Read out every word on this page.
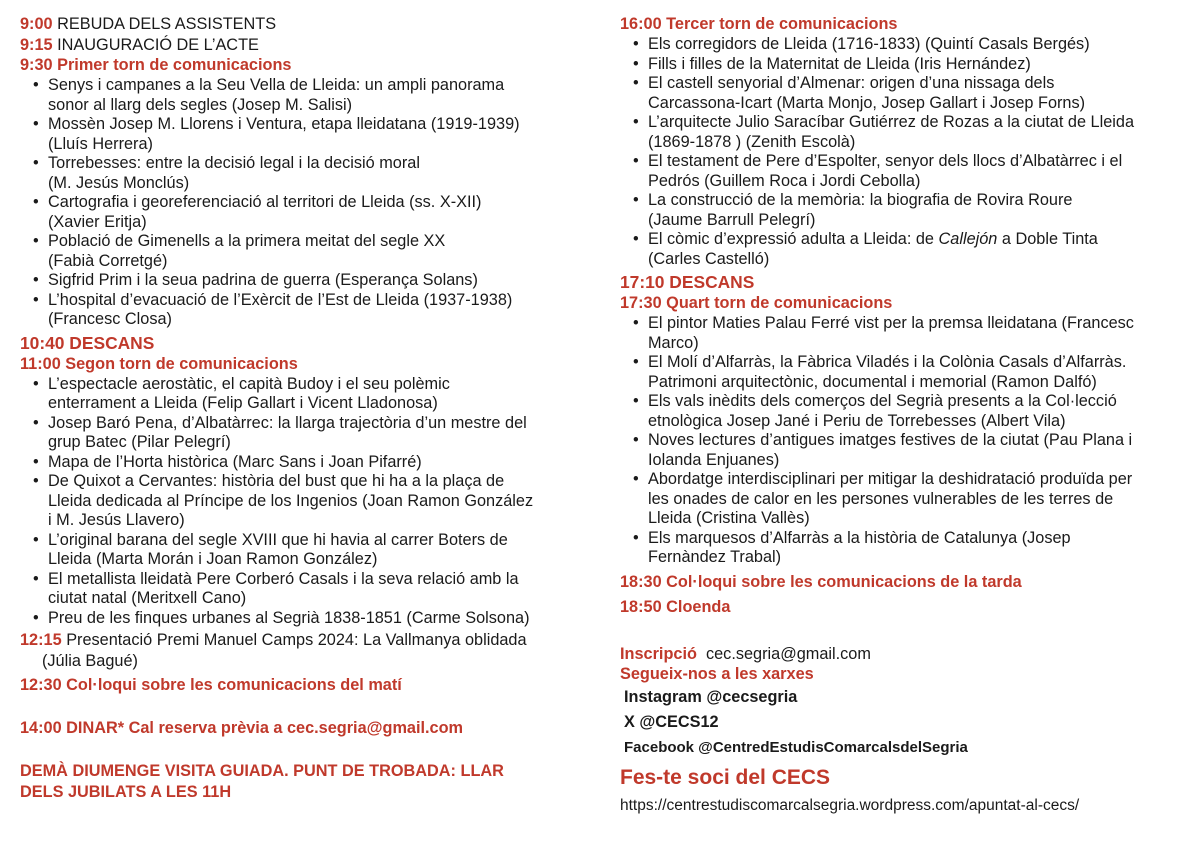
9:00 REBUDA DELS ASSISTENTS

9:15 INAUGURACIÓ DE L’ACTE

9:30 Primer torn de comunicacions

• Senys i campanes a la Seu Vella de Lleida: un ampli panorama
sonor al llarg dels segles (Josep M. Salisi)
• Mossèn Josep M. Llorens i Ventura, etapa lleidatana (1919-1939)
(Lluís Herrera)
• Torrebesses: entre la decisió legal i la decisió moral
(M. Jesús Monclús)
• Cartografia i georeferenciació al territori de Lleida (ss. X-XII)
(Xavier Eritja)
• Població de Gimenells a la primera meitat del segle XX
(Fabià Corretgé)
• Sigfrid Prim i la seua padrina de guerra (Esperança Solans)
• L’hospital d’evacuació de l’Exèrcit de l’Est de Lleida (1937-1938)
(Francesc Closa)

10:40 DESCANS

11:00 Segon torn de comunicacions

• L’espectacle aerostàtic, el capità Budoy i el seu polèmic
enterrament a Lleida (Felip Gallart i Vicent Lladonosa)
• Josep Baró Pena, d’Albatàrrec: la llarga trajectòria d’un mestre del
grup Batec (Pilar Pelegrí)
• Mapa de l’Horta històrica (Marc Sans i Joan Pifarré)
• De Quixot a Cervantes: història del bust que hi ha a la plaça de
Lleida dedicada al Príncipe de los Ingenios (Joan Ramon González
i M. Jesús Llavero)
• L’original barana del segle XVIII que hi havia al carrer Boters de
Lleida (Marta Morán i Joan Ramon González)
• El metallista lleidatà Pere Corberó Casals i la seva relació amb la
ciutat natal (Meritxell Cano)
• Preu de les finques urbanes al Segrià 1838-1851 (Carme Solsona)

12:15 Presentació Premi Manuel Camps 2024: La Vallmanya oblidada

(Júlia Bagué)

12:30 Col·loqui sobre les comunicacions del matí

14:00 DINAR* Cal reserva prèvia a cec.segria@gmail.com

DEMÀ DIUMENGE VISITA GUIADA. PUNT DE TROBADA: LLAR

DELS JUBILATS A LES 11H

16:00 Tercer torn de comunicacions

• Els corregidors de Lleida (1716-1833) (Quintí Casals Bergés)
• Fills i filles de la Maternitat de Lleida (Iris Hernández)
• El castell senyorial d’Almenar: origen d’una nissaga dels
Carcassona-Icart (Marta Monjo, Josep Gallart i Josep Forns)
• L’arquitecte Julio Saracíbar Gutiérrez de Rozas a la ciutat de Lleida
(1869-1878 ) (Zenith Escolà)
• El testament de Pere d’Espolter, senyor dels llocs d’Albatàrrec i el
Pedrós (Guillem Roca i Jordi Cebolla)
• La construcció de la memòria: la biografia de Rovira Roure
(Jaume Barrull Pelegrí)
• El còmic d’expressió adulta a Lleida: de Callejón a Doble Tinta
(Carles Castelló)

17:10 DESCANS

17:30 Quart torn de comunicacions

• El pintor Maties Palau Ferré vist per la premsa lleidatana (Francesc
Marco)
• El Molí d’Alfarràs, la Fàbrica Viladés i la Colònia Casals d’Alfarràs.
Patrimoni arquitectònic, documental i memorial (Ramon Dalfó)
• Els vals inèdits dels comerços del Segrià presents a la Col·lecció
etnològica Josep Jané i Periu de Torrebesses (Albert Vila)
• Noves lectures d’antigues imatges festives de la ciutat (Pau Plana i
Iolanda Enjuanes)
• Abordatge interdisciplinari per mitigar la deshidratació produïda per
les onades de calor en les persones vulnerables de les terres de
Lleida (Cristina Vallès)
• Els marquesos d’Alfarràs a la història de Catalunya (Josep
Fernàndez Trabal)

18:30 Col·loqui sobre les comunicacions de la tarda

18:50 Cloenda

Inscripció cec.segria@gmail.com

Segueix-nos a les xarxes

Instagram @cecsegria
X @CECS12
Facebook @CentredEstudisComarcalsdelSegria
Fes-te soci del CECS
https://centrestudiscomarcalsegria.wordpress.com/apuntat-al-cecs/
